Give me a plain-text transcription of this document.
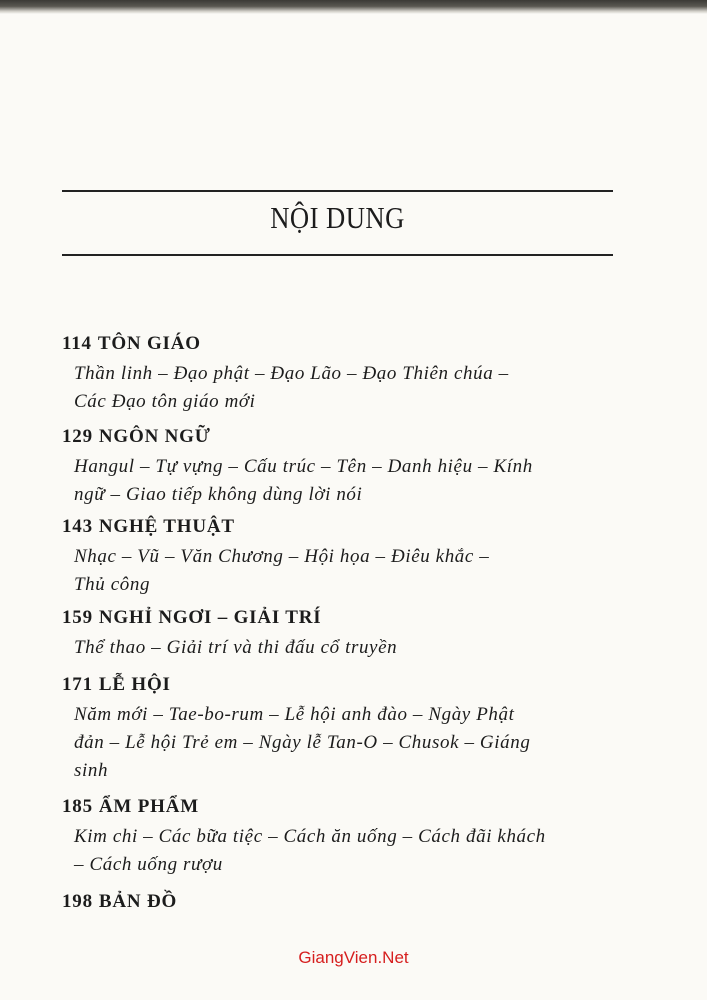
NỘI DUNG
114 TÔN GIÁO
Thần linh – Đạo phật – Đạo Lão – Đạo Thiên chúa –
Các Đạo tôn giáo mới
129 NGÔN NGỮ
Hangul – Tự vựng – Cấu trúc – Tên – Danh hiệu – Kính
ngữ – Giao tiếp không dùng lời nói
143 NGHỆ THUẬT
Nhạc – Vũ – Văn Chương – Hội họa – Điêu khắc –
Thủ công
159 NGHỈ NGƠI – GIẢI TRÍ
Thể thao – Giải trí và thi đấu cổ truyền
171 LỄ HỘI
Năm mới – Tae-bo-rum – Lễ hội anh đào – Ngày Phật
đản – Lễ hội Trẻ em – Ngày lễ Tan-O – Chusok – Giáng
sinh
185 ẨM PHẨM
Kim chi – Các bữa tiệc – Cách ăn uống – Cách đãi khách
– Cách uống rượu
198 BẢN ĐỒ
GiangVien.Net
